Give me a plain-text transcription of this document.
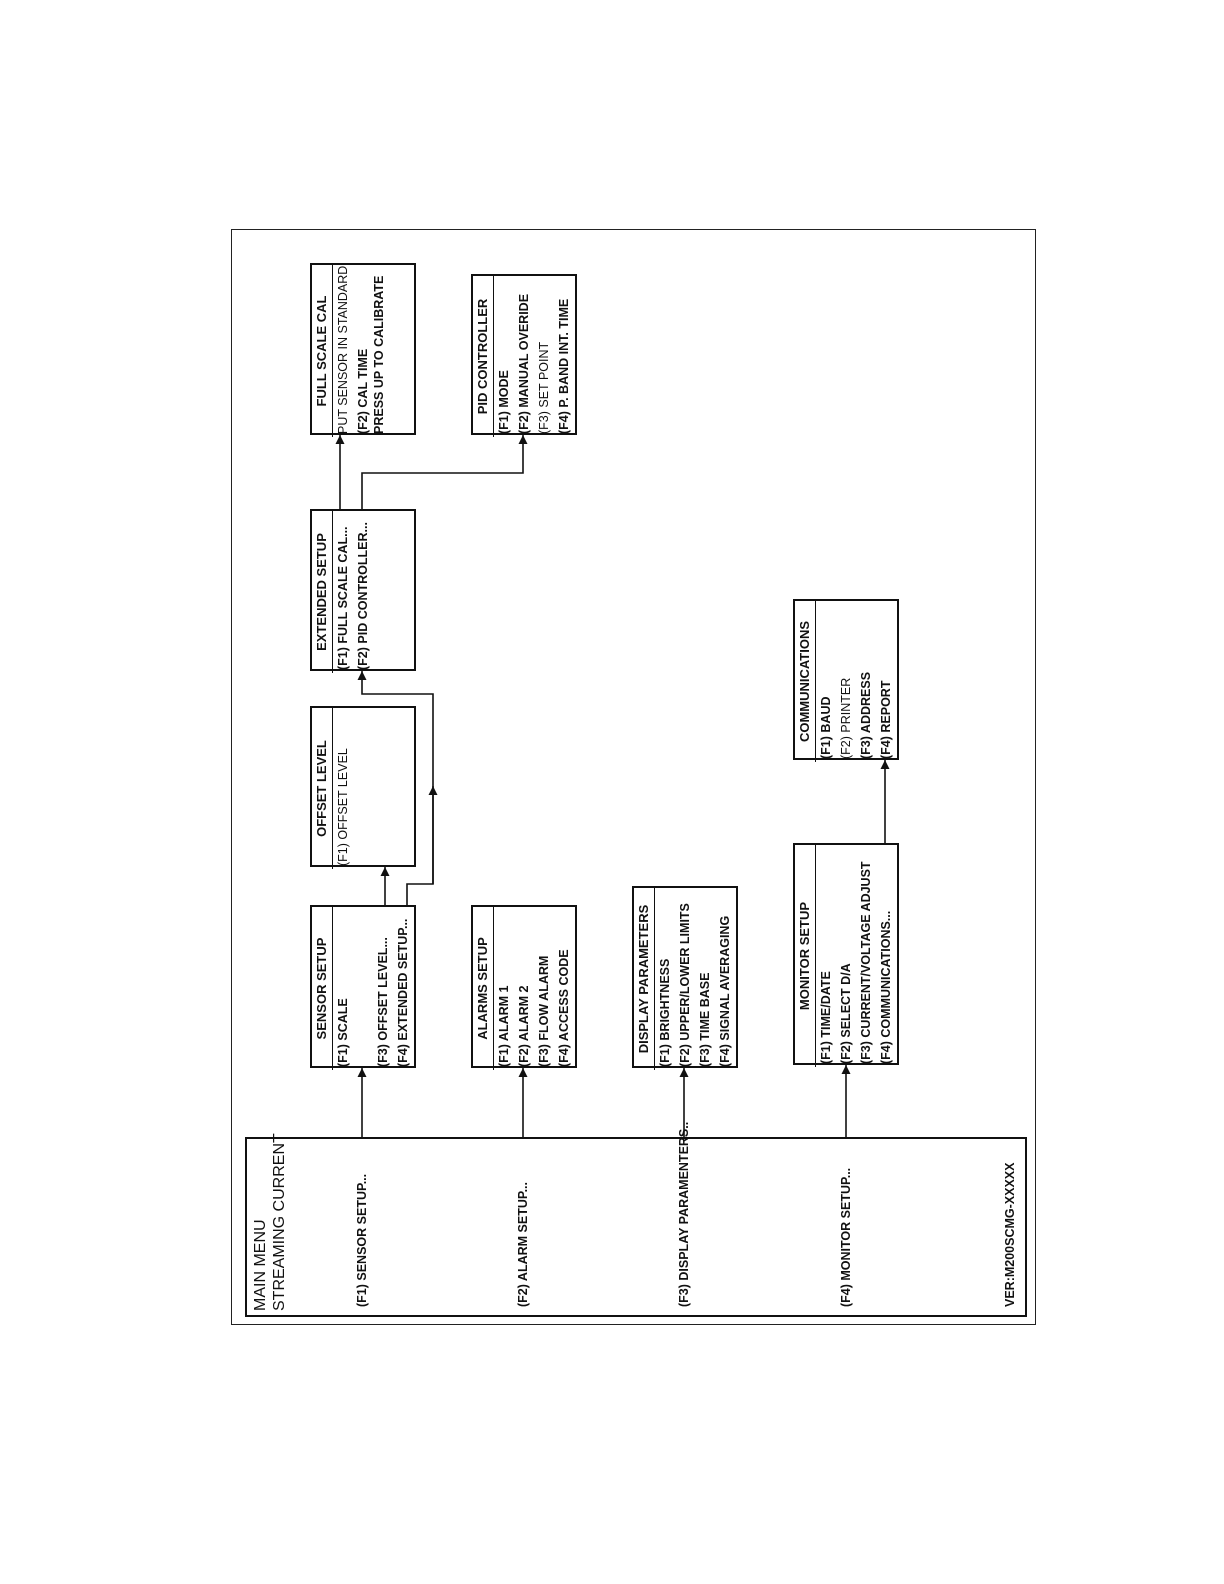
MAIN MENU STREAMING CURRENT	(F1) SENSOR SETUP...	(F2) ALARM SETUP...	(F3) DISPLAY PARAMENTERS..	(F4) MONITOR SETUP...	VER:M200SCMG-XXXXX
SENSOR SETUP (F1) SCALE (F3) OFFSET LEVEL... (F4) EXTENDED SETUP...
OFFSET LEVEL (F1) OFFSET LEVEL
EXTENDED SETUP (F1) FULL SCALE CAL... (F2) PID CONTROLLER...
FULL SCALE CAL PUT SENSOR IN STANDARD (F2) CAL TIME PRESS UP TO CALIBRATE	PID CONTROLLER (F1) MODE (F2) MANUAL OVERIDE (F3) SET POINT (F4) P. BAND INT. TIME
ALARMS SETUP (F1) ALARM 1 (F2) ALARM 2 (F3) FLOW ALARM (F4) ACCESS CODE	DISPLAY PARAMETERS (F1) BRIGHTNESS (F2) UPPER/LOWER LIMITS (F3) TIME BASE (F4) SIGNAL AVERAGING	MONITOR SETUP
(F1) TIME/DATE (F2) SELECT D/A (F3) CURRENT/VOLTAGE ADJUST (F4) COMMUNICATIONS...
COMMUNICATIONS (F1) BAUD (F2) PRINTER (F3) ADDRESS (F4) REPORT
